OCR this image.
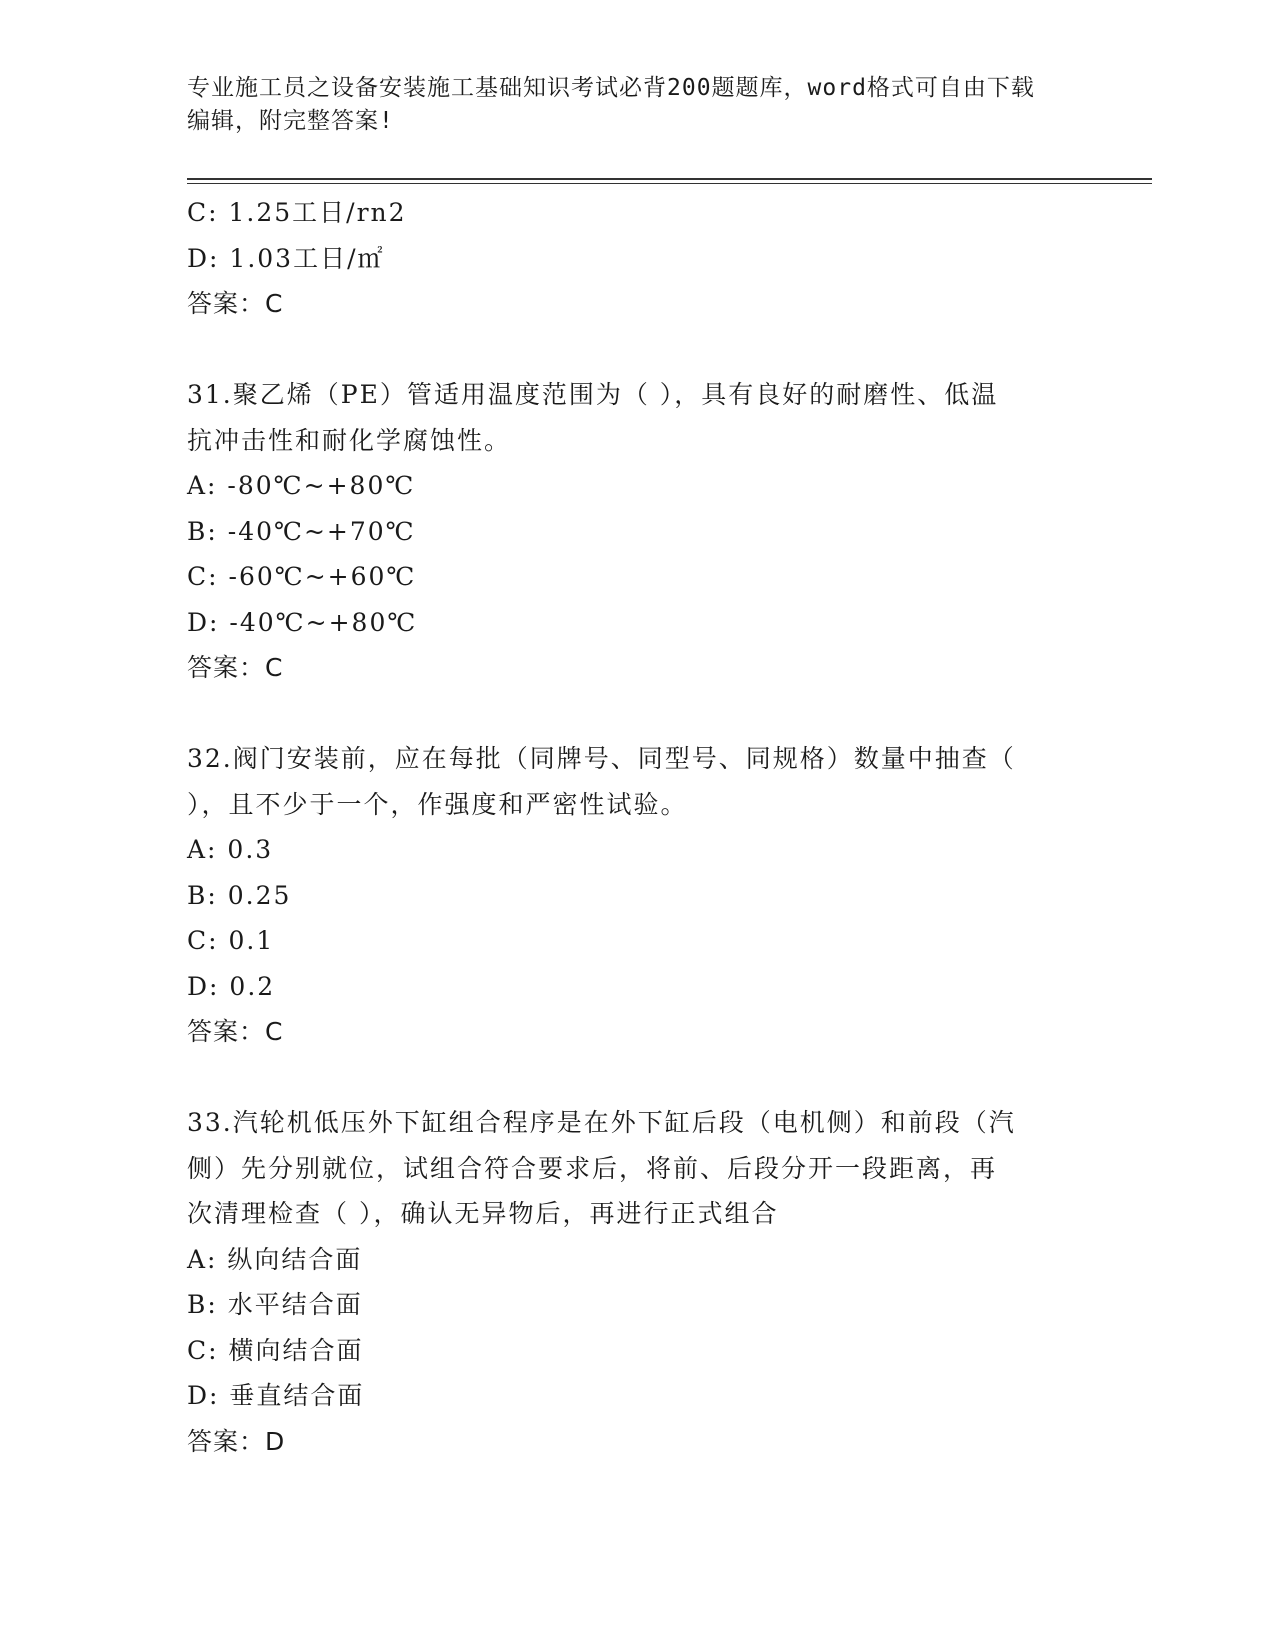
专业施工员之设备安装施工基础知识考试必背200题题库，word格式可自由下载
编辑，附完整答案!
C: 1.25工日/rn2
D: 1.03工日/㎡
答案：C
31.聚乙烯（PE）管适用温度范围为（ ），具有良好的耐磨性、低温
抗冲击性和耐化学腐蚀性。
A: -80℃~+80℃
B: -40℃~+70℃
C: -60℃~+60℃
D: -40℃~+80℃
答案：C
32.阀门安装前，应在每批（同牌号、同型号、同规格）数量中抽查（
），且不少于一个，作强度和严密性试验。
A: 0.3
B: 0.25
C: 0.1
D: 0.2
答案：C
33.汽轮机低压外下缸组合程序是在外下缸后段（电机侧）和前段（汽
侧）先分别就位，试组合符合要求后，将前、后段分开一段距离，再
次清理检查（ ），确认无异物后，再进行正式组合
A: 纵向结合面
B: 水平结合面
C: 横向结合面
D: 垂直结合面
答案：D
